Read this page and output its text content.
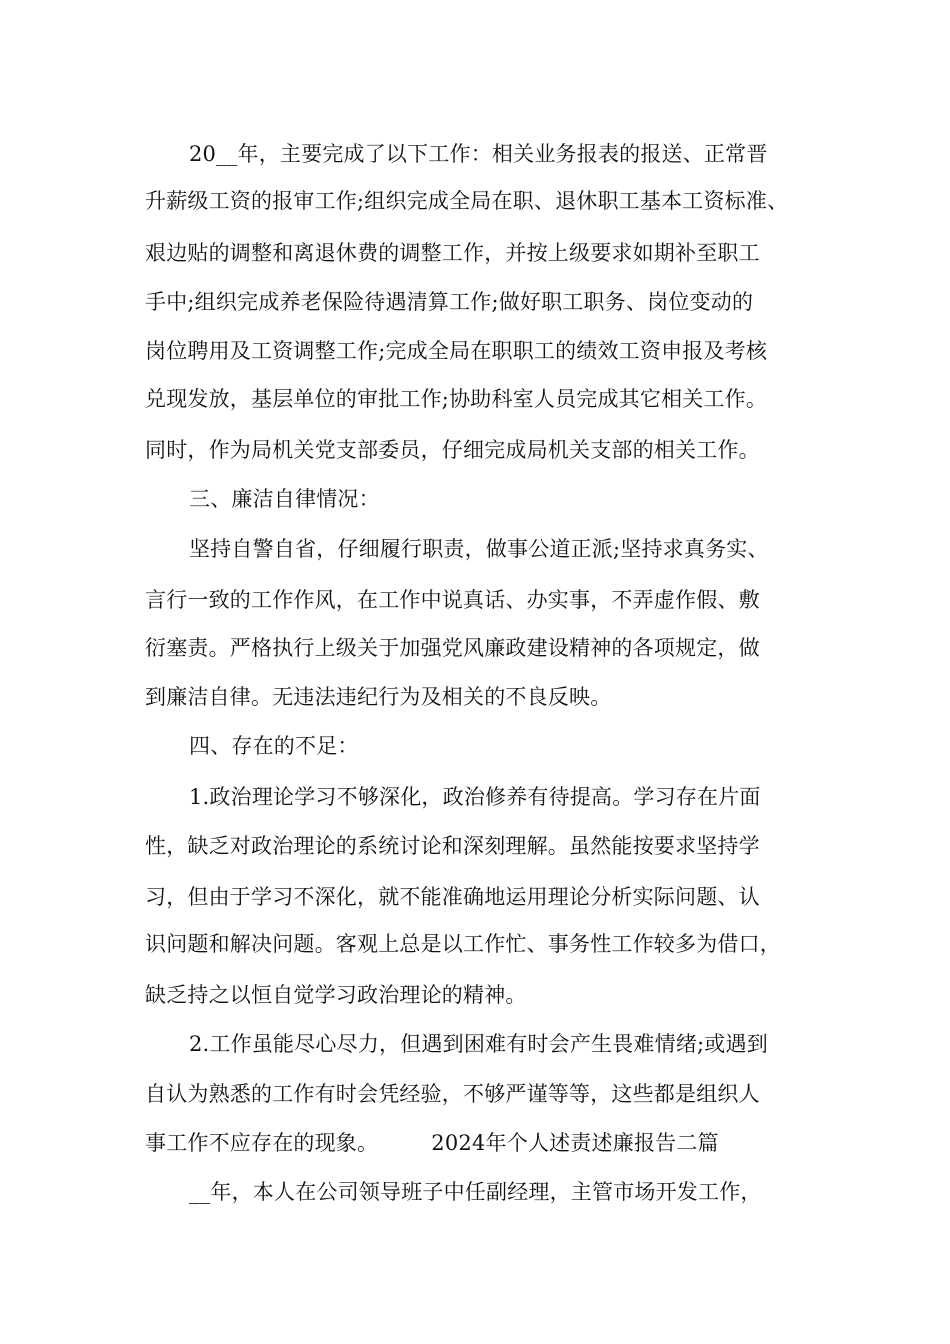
20__年，主要完成了以下工作：相关业务报表的报送、正常晋
升薪级工资的报审工作;组织完成全局在职、退休职工基本工资标准、
艰边贴的调整和离退休费的调整工作，并按上级要求如期补至职工
手中;组织完成养老保险待遇清算工作;做好职工职务、岗位变动的
岗位聘用及工资调整工作;完成全局在职职工的绩效工资申报及考核
兑现发放，基层单位的审批工作;协助科室人员完成其它相关工作。
同时，作为局机关党支部委员，仔细完成局机关支部的相关工作。
三、廉洁自律情况：
坚持自警自省，仔细履行职责，做事公道正派;坚持求真务实、
言行一致的工作作风，在工作中说真话、办实事，不弄虚作假、敷
衍塞责。严格执行上级关于加强党风廉政建设精神的各项规定，做
到廉洁自律。无违法违纪行为及相关的不良反映。
四、存在的不足：
1.政治理论学习不够深化，政治修养有待提高。学习存在片面
性，缺乏对政治理论的系统讨论和深刻理解。虽然能按要求坚持学
习，但由于学习不深化，就不能准确地运用理论分析实际问题、认
识问题和解决问题。客观上总是以工作忙、事务性工作较多为借口，
缺乏持之以恒自觉学习政治理论的精神。
2.工作虽能尽心尽力，但遇到困难有时会产生畏难情绪;或遇到
自认为熟悉的工作有时会凭经验，不够严谨等等，这些都是组织人
事工作不应存在的现象。　　　2024年个人述责述廉报告二篇
__年，本人在公司领导班子中任副经理，主管市场开发工作，
